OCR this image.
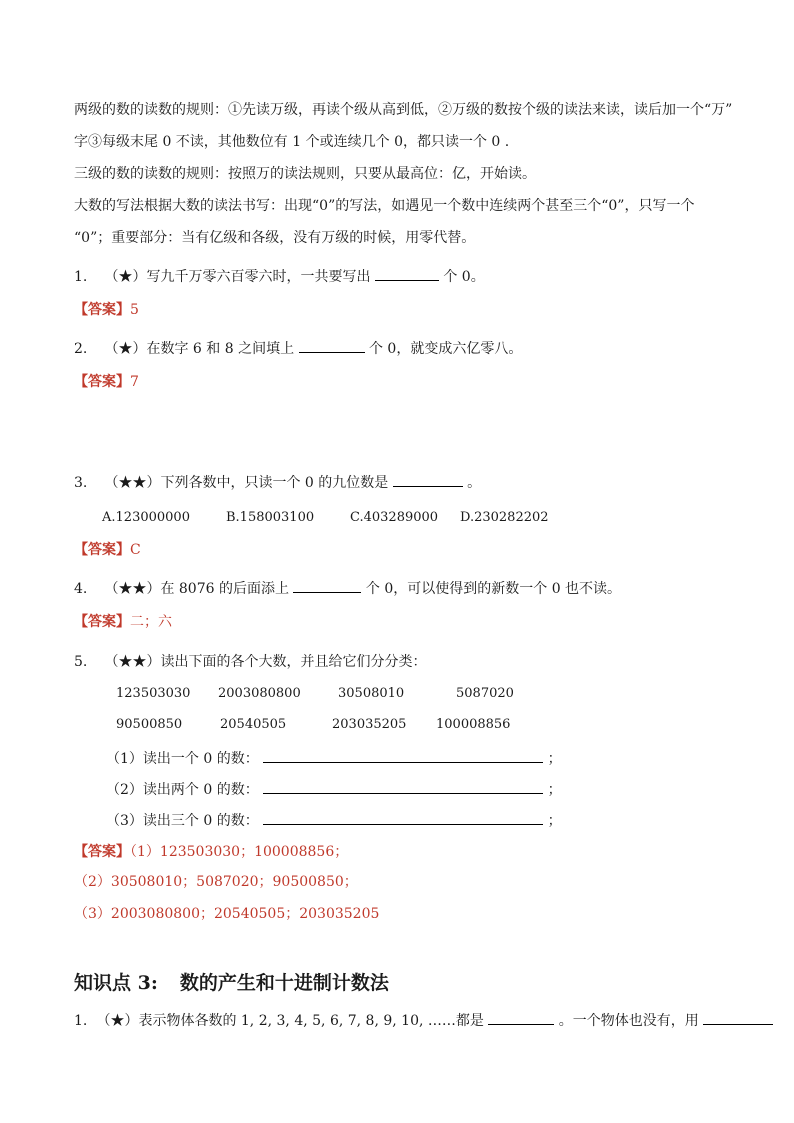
两级的数的读数的规则：①先读万级，再读个级从高到低，②万级的数按个级的读法来读，读后加一个“万”
字③每级末尾 0 不读，其他数位有 1 个或连续几个 0，都只读一个 0 .
三级的数的读数的规则：按照万的读法规则，只要从最高位：亿，开始读。
大数的写法根据大数的读法书写：出现“0”的写法，如遇见一个数中连续两个甚至三个“0”，只写一个
“0”；重要部分：当有亿级和各级，没有万级的时候，用零代替。
1. （★）写九千万零六百零六时，一共要写出	个 0。
【答案】5
2. （★）在数字 6 和 8 之间填上	个 0，就变成六亿零八。
【答案】7
3. （★★）下列各数中，只读一个 0 的九位数是	。
A.123000000	B.158003100	C.403289000 D.230282202
【答案】C
4. （★★）在 8076 的后面添上	个 0，可以使得到的新数一个 0 也不读。
【答案】二；六
5. （★★）读出下面的各个大数，并且给它们分分类：
123503030 2003080800	30508010	5087020
90500850	20540505	203035205 100008856
（1）读出一个 0 的数：	；
（2）读出两个 0 的数：	；
（3）读出三个 0 的数：	；
【答案】（1）123503030；100008856；
（2）30508010；5087020；90500850；
（3）2003080800；20540505；203035205
知识点 3: 数的产生和十进制计数法
1. （★）表示物体各数的 1, 2, 3, 4, 5, 6, 7, 8, 9, 10, ……都是	。一个物体也没有，用
